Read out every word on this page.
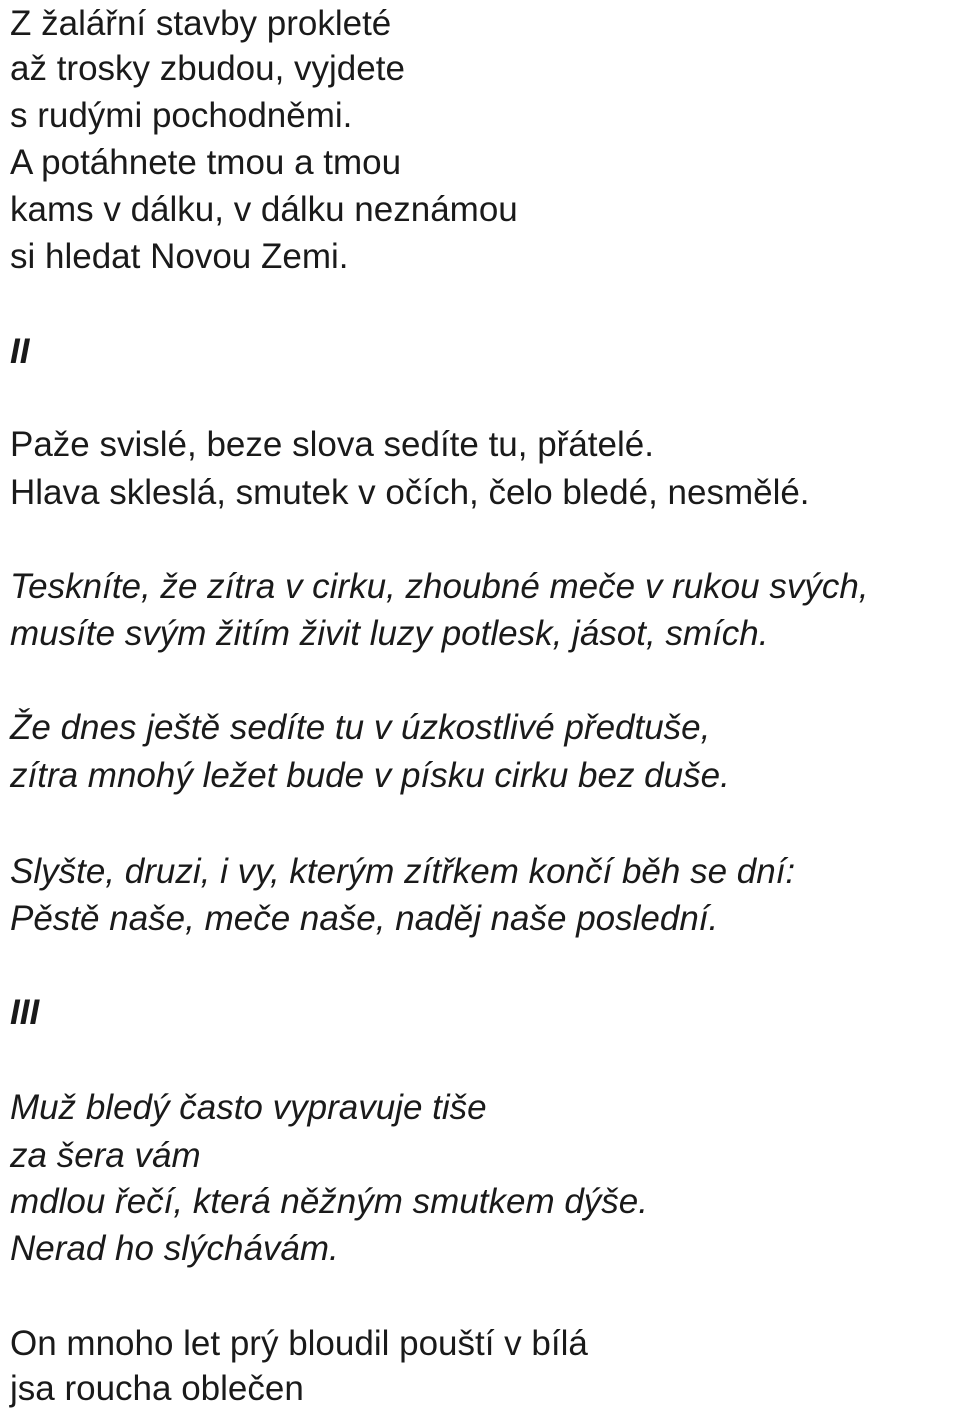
Z žalářní stavby prokleté
až trosky zbudou, vyjdete
s rudými pochodněmi.
A potáhnete tmou a tmou
kams v dálku, v dálku neznámou
si hledat Novou Zemi.
II
Paže svislé, beze slova sedíte tu, přátelé.
Hlava skleslá, smutek v očích, čelo bledé, nesmělé.
Teskníte, že zítra v cirku, zhoubné meče v rukou svých,
musíte svým žitím živit luzy potlesk, jásot, smích.
Že dnes ještě sedíte tu v úzkostlivé předtuše,
zítra mnohý ležet bude v písku cirku bez duše.
Slyšte, druzi, i vy, kterým zítřkem končí běh se dní:
Pěstě naše, meče naše, naděj naše poslední.
III
Muž bledý často vypravuje tiše
za šera vám
mdlou řečí, která něžným smutkem dýše.
Nerad ho slýchávám.
On mnoho let prý bloudil pouští v bílá
jsa roucha oblečen
